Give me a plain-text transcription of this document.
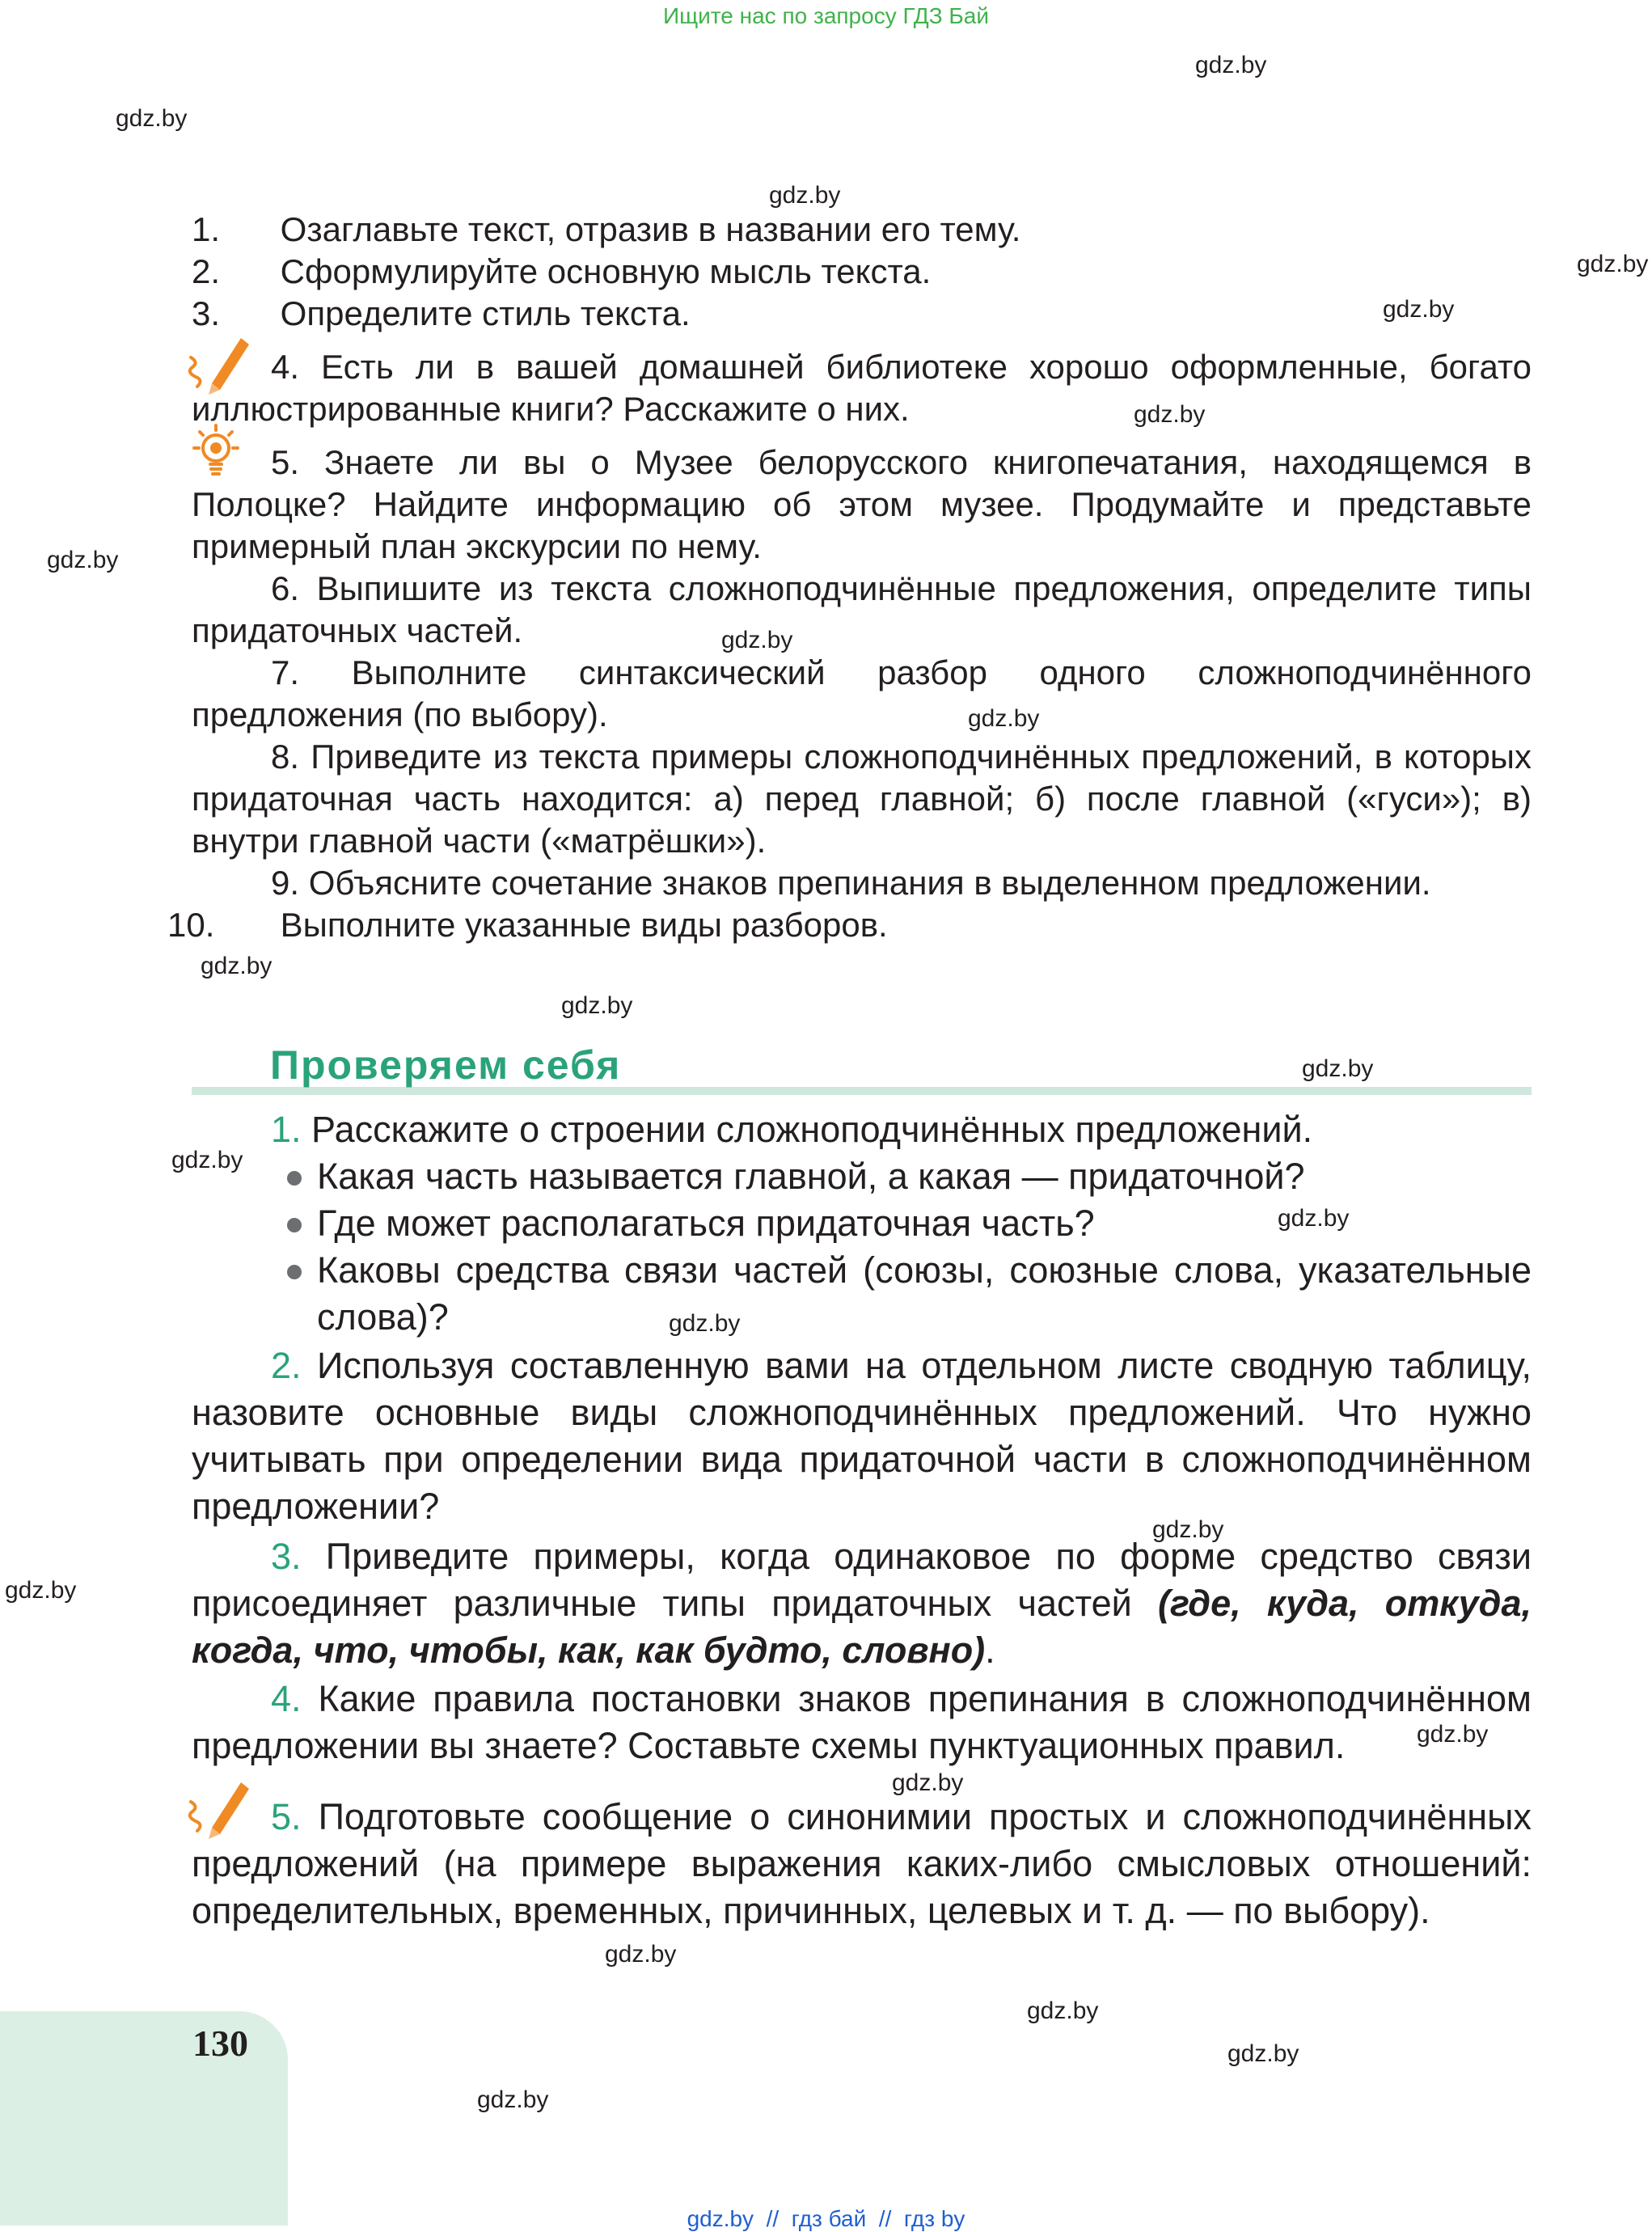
Ищите нас по запросу ГДЗ Бай
gdz.by
gdz.by
gdz.by
gdz.by
gdz.by
gdz.by
gdz.by
gdz.by
gdz.by
gdz.by
gdz.by
gdz.by
gdz.by
gdz.by
gdz.by
gdz.by
gdz.by
gdz.by
gdz.by
gdz.by
gdz.by
gdz.by
gdz.by
1. Озаглавьте текст, отразив в названии его тему.
2. Сформулируйте основную мысль текста.
3. Определите стиль текста.
4. Есть ли в вашей домашней библиотеке хорошо оформленные, богато иллюстрированные книги? Расскажите о них.
5. Знаете ли вы о Музее белорусского книгопечатания, находящемся в Полоцке? Найдите информацию об этом музее. Продумайте и представьте примерный план экскурсии по нему.
6. Выпишите из текста сложноподчинённые предложения, определите типы придаточных частей.
7. Выполните синтаксический разбор одного сложноподчинённого предложения (по выбору).
8. Приведите из текста примеры сложноподчинённых предложений, в которых придаточная часть находится: а) перед главной; б) после главной («гуси»); в) внутри главной части («матрёшки»).
9. Объясните сочетание знаков препинания в выделенном предложении.
10. Выполните указанные виды разборов.
Проверяем себя
1. Расскажите о строении сложноподчинённых предложений.
Какая часть называется главной, а какая — придаточной?
Где может располагаться придаточная часть?
Каковы средства связи частей (союзы, союзные слова, указательные слова)?
2. Используя составленную вами на отдельном листе сводную таблицу, назовите основные виды сложноподчинённых предложений. Что нужно учитывать при определении вида придаточной части в сложноподчинённом предложении?
3. Приведите примеры, когда одинаковое по форме средство связи присоединяет различные типы придаточных частей (где, куда, откуда, когда, что, чтобы, как, как будто, словно).
4. Какие правила постановки знаков препинания в сложноподчинённом предложении вы знаете? Составьте схемы пунктуационных правил.
5. Подготовьте сообщение о синонимии простых и сложноподчинённых предложений (на примере выражения каких-либо смысловых отношений: определительных, временных, причинных, целевых и т. д. — по выбору).
130
gdz.by  //  гдз бай  //  гдз by
